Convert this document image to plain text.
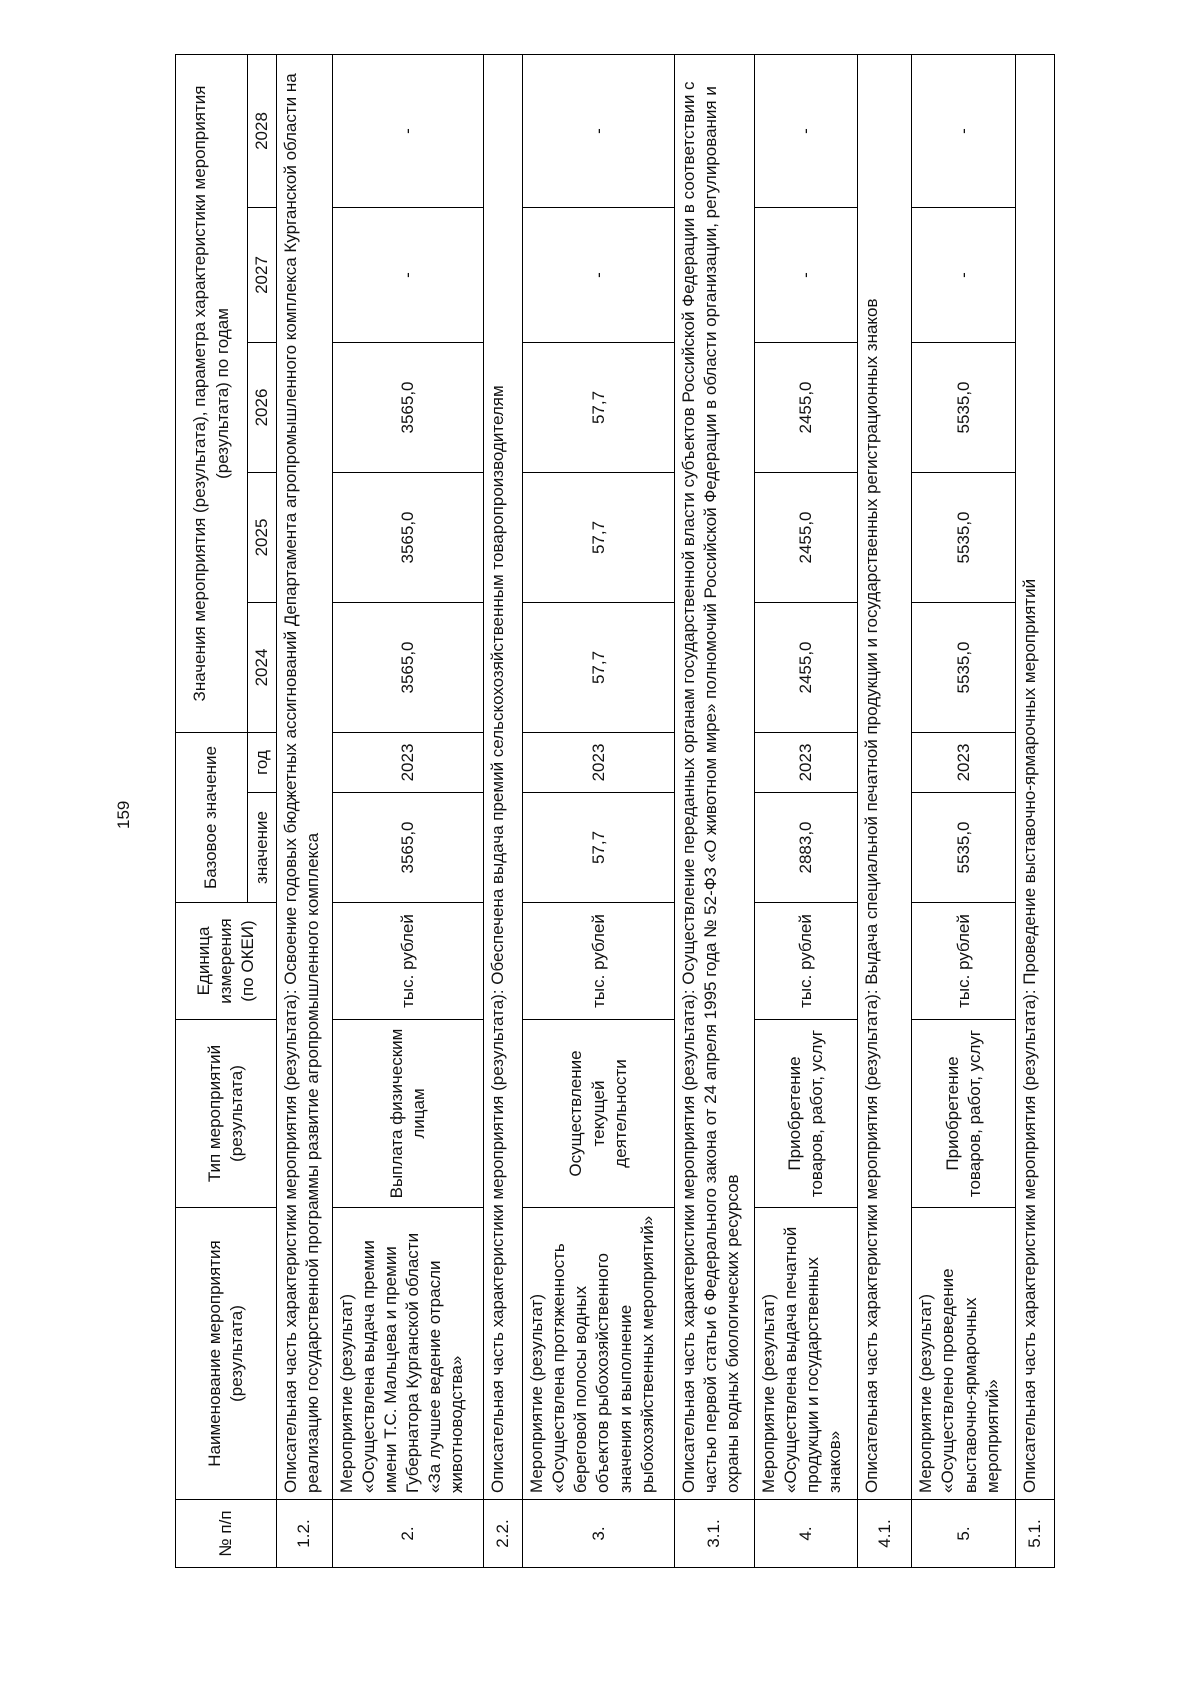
159
№ п/п	Наименование мероприятия (результата)	Тип мероприятий (результата)	Единица измерения (по ОКЕИ)	Базовое значение		Значения мероприятия (результата), параметра характеристики мероприятия (результата) по годам				
				значение	год	2024	2025	2026	2027	2028
1.2.	Описательная часть характеристики мероприятия (результата): Освоение годовых бюджетных ассигнований Департамента агропромышленного комплекса Курганской области на реализацию государственной программы развитие агропромышленного комплекса									
2.	Мероприятие (результат) «Осуществлена выдача премии имени Т.С. Мальцева и премии Губернатора Курганской области «За лучшее ведение отрасли животноводства»	Выплата физическим лицам	тыс. рублей	3565,0	2023	3565,0	3565,0	3565,0	-	-
2.2.	Описательная часть характеристики мероприятия (результата): Обеспечена выдача премий сельскохозяйственным товаропроизводителям									
3.	Мероприятие (результат) «Осуществлена протяженность береговой полосы водных объектов рыбохозяйственного значения и выполнение рыбохозяйственных мероприятий»	Осуществление текущей деятельности	тыс. рублей	57,7	2023	57,7	57,7	57,7	-	-
3.1.	Описательная часть характеристики мероприятия (результата): Осуществление переданных органам государственной власти субъектов Российской Федерации в соответствии с частью первой статьи 6 Федерального закона от 24 апреля 1995 года № 52-ФЗ «О животном мире» полномочий Российской Федерации в области организации, регулирования и охраны водных биологических ресурсов									
4.	Мероприятие (результат) «Осуществлена выдача печатной продукции и государственных знаков»	Приобретение товаров, работ, услуг	тыс. рублей	2883,0	2023	2455,0	2455,0	2455,0	-	-
4.1.	Описательная часть характеристики мероприятия (результата): Выдача специальной печатной продукции и государственных регистрационных знаков									
5.	Мероприятие (результат) «Осуществлено проведение выставочно-ярмарочных мероприятий»	Приобретение товаров, работ, услуг	тыс. рублей	5535,0	2023	5535,0	5535,0	5535,0	-	-
5.1.	Описательная часть характеристики мероприятия (результата): Проведение выставочно-ярмарочных мероприятий									
